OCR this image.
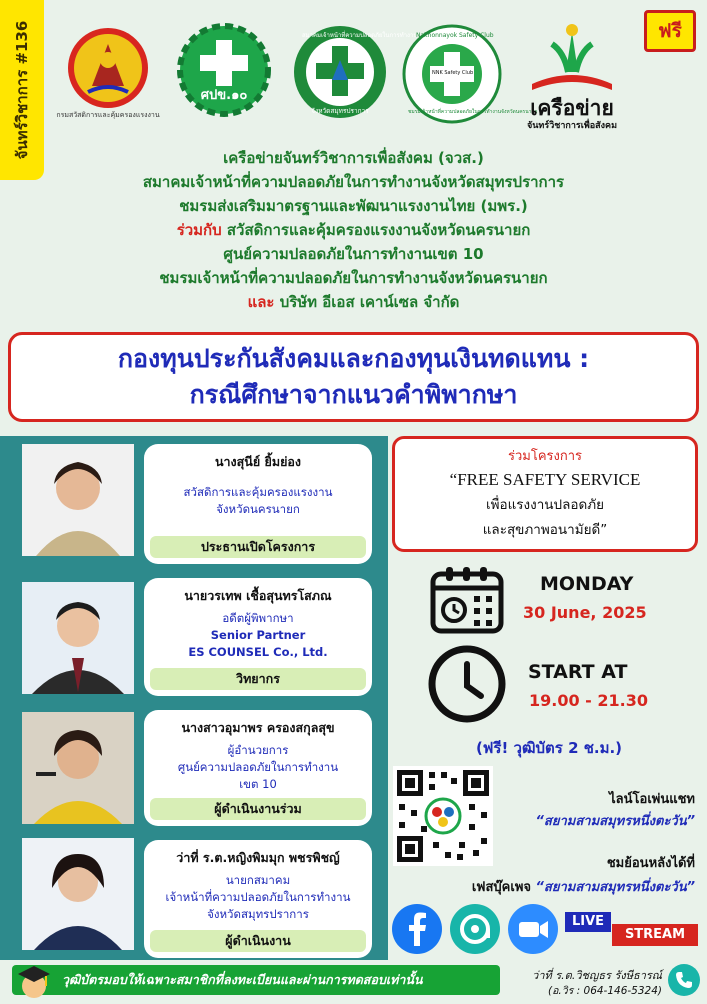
จันทร์วิชาการ #136	ฟรี
กรมสวัสดิการและคุ้มครองแรงงาน
ศปข.๑๐
สมาคมเจ้าหน้าที่ความปลอดภัยในการทำงาน
จังหวัดสมุทรปราการ
Nakhonnayok Safety Club
NNK Safety Club
ชมรมเจ้าหน้าที่ความปลอดภัยในการทำงานจังหวัดนครนายก
เครือข่าย
จันทร์วิชาการเพื่อสังคม
เครือข่ายจันทร์วิชาการเพื่อสังคม (จวส.)
สมาคมเจ้าหน้าที่ความปลอดภัยในการทำงานจังหวัดสมุทรปราการ
ชมรมส่งเสริมมาตรฐานและพัฒนาแรงงานไทย (มพร.)
ร่วมกับ สวัสดิการและคุ้มครองแรงงานจังหวัดนครนายก
ศูนย์ความปลอดภัยในการทำงานเขต 10
ชมรมเจ้าหน้าที่ความปลอดภัยในการทำงานจังหวัดนครนายก
และ บริษัท อีเอส เคาน์เซล จำกัด
กองทุนประกันสังคมและกองทุนเงินทดแทน :
กรณีศึกษาจากแนวคำพิพากษา
นางสุนีย์ ยิ้มย่อง
สวัสดิการและคุ้มครองแรงงาน
จังหวัดนครนายก
ประธานเปิดโครงการ
นายวรเทพ เชื้อสุนทรโสภณ
อดีตผู้พิพากษา
Senior Partner
ES COUNSEL Co., Ltd.
วิทยากร
นางสาวอุมาพร ครองสกุลสุข
ผู้อำนวยการ
ศูนย์ความปลอดภัยในการทำงาน
เขต 10
ผู้ดำเนินงานร่วม
ว่าที่ ร.ต.หญิงพิมมุก พชรพิชญ์
นายกสมาคม
เจ้าหน้าที่ความปลอดภัยในการทำงาน
จังหวัดสมุทรปราการ
ผู้ดำเนินงาน
ร่วมโครงการ
“FREE SAFETY SERVICE
เพื่อแรงงานปลอดภัย
และสุขภาพอนามัยดี”
MONDAY
30 June, 2025
START AT
19.00 - 21.30
(ฟรี! วุฒิบัตร 2 ช.ม.)
ไลน์โอเพ่นแชท
“สยามสามสมุทรหนึ่งตะวัน”
ชมย้อนหลังได้ที่
เฟสบุ๊คเพจ “สยามสามสมุทรหนึ่งตะวัน”
LIVE
STREAM
วุฒิบัตรมอบให้เฉพาะสมาชิกที่ลงทะเบียนและผ่านการทดสอบเท่านั้น	ว่าที่ ร.ต.วิชญธร รังษีธารณ์
(อ.วิร : 064-146-5324)
